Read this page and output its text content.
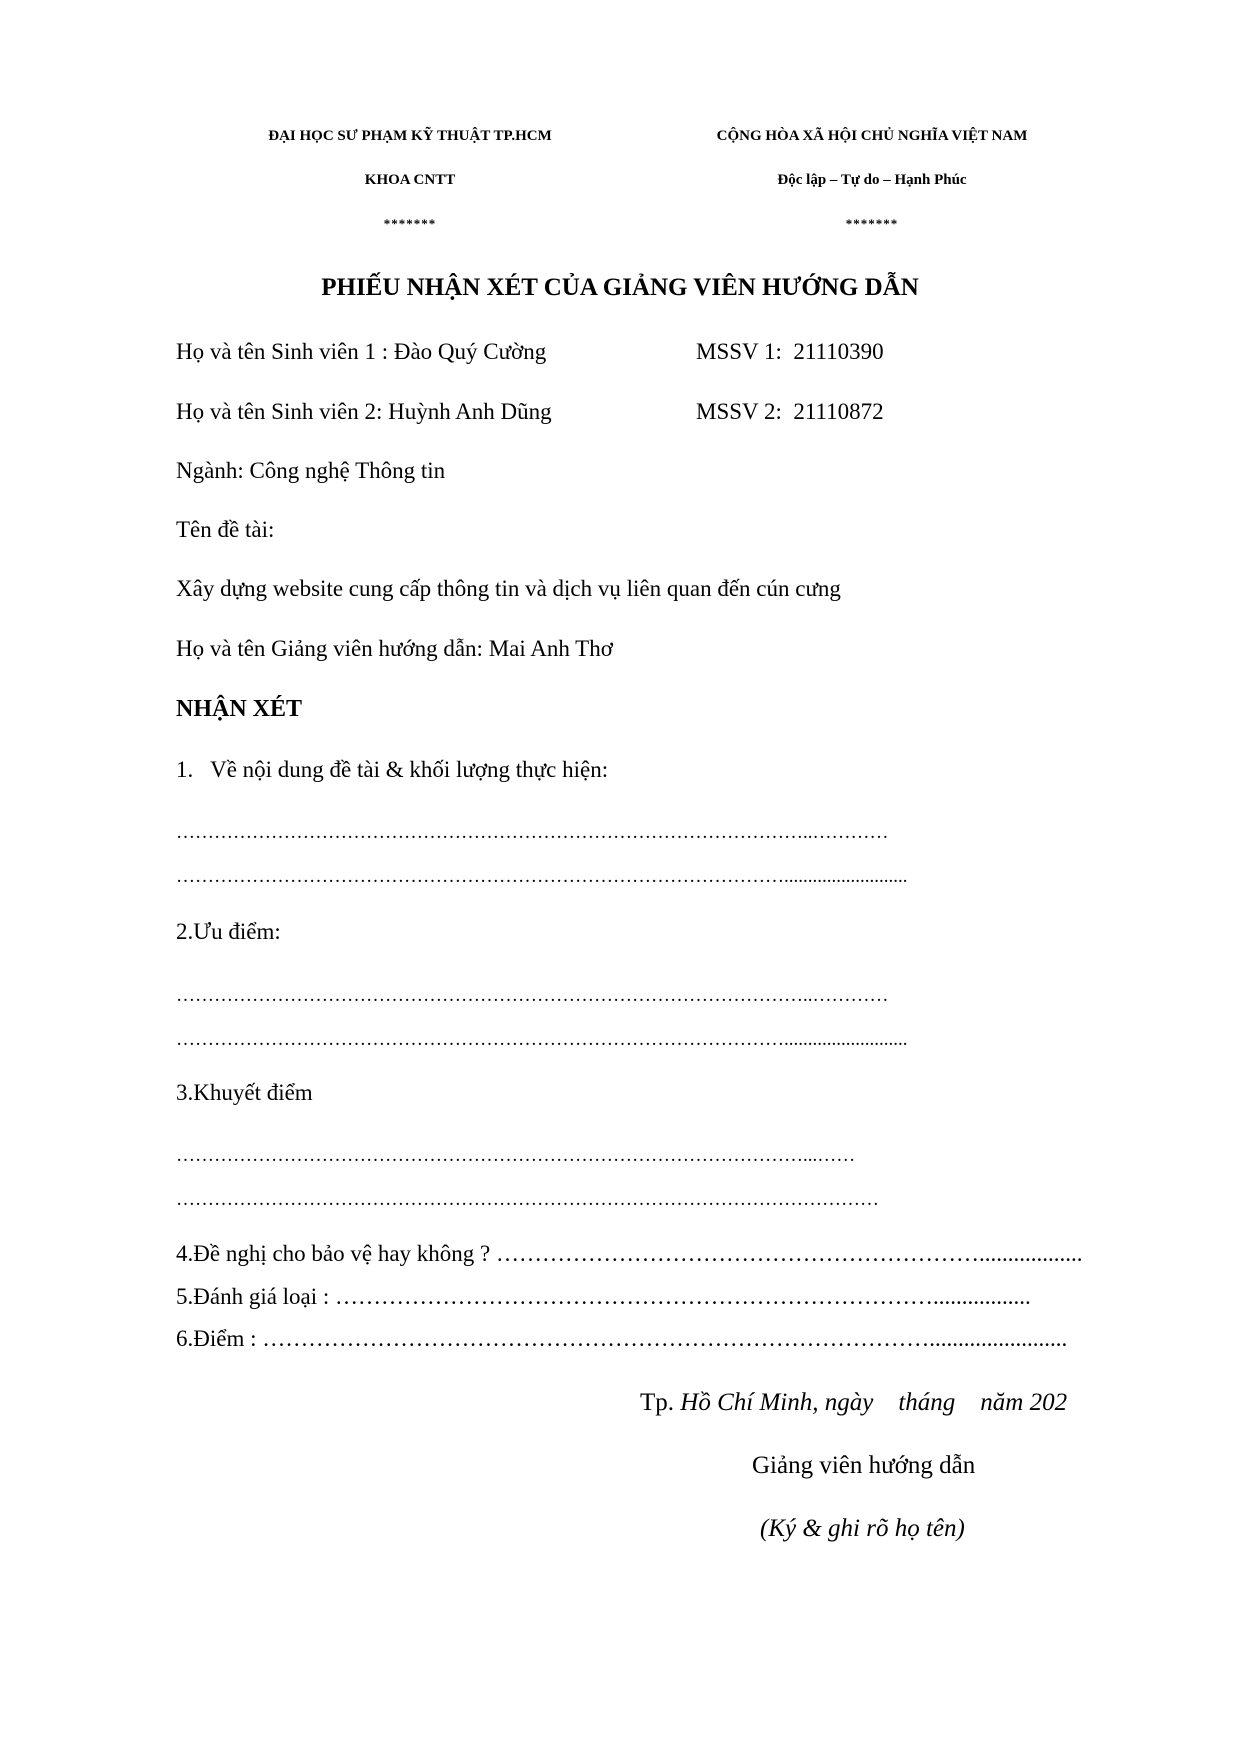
ĐẠI HỌC SƯ PHẠM KỸ THUẬT TP.HCM
KHOA CNTT
*******
CỘNG HÒA XÃ HỘI CHỦ NGHĨA VIỆT NAM
Độc lập – Tự do – Hạnh Phúc
*******
PHIẾU NHẬN XÉT CỦA GIẢNG VIÊN HƯỚNG DẪN
Họ và tên Sinh viên 1 : Đào Quý Cường	MSSV 1:  21110390
Họ và tên Sinh viên 2: Huỳnh Anh Dũng	MSSV 2:  21110872
Ngành: Công nghệ Thông tin
Tên đề tài:
Xây dựng website cung cấp thông tin và dịch vụ liên quan đến cún cưng
Họ và tên Giảng viên hướng dẫn: Mai Anh Thơ
NHẬN XÉT
1.   Về nội dung đề tài & khối lượng thực hiện:
………………………………………………………………………………………..…………
……………………………………………………………………………………..........................
2.Ưu điểm:
………………………………………………………………………………………..…………
……………………………………………………………………………………..........................
3.Khuyết điểm
………………………………………………………………………………………...……
…………………………………………………………………………………………………
4.Đề nghị cho bảo vệ hay không ? ………………………………………………………..................
5.Đánh giá loại : …………………………………………………………………….................
6.Điểm : ……………………………………………………………………………........................
Tp. Hồ Chí Minh, ngày    tháng    năm 202
Giảng viên hướng dẫn
(Ký & ghi rõ họ tên)
